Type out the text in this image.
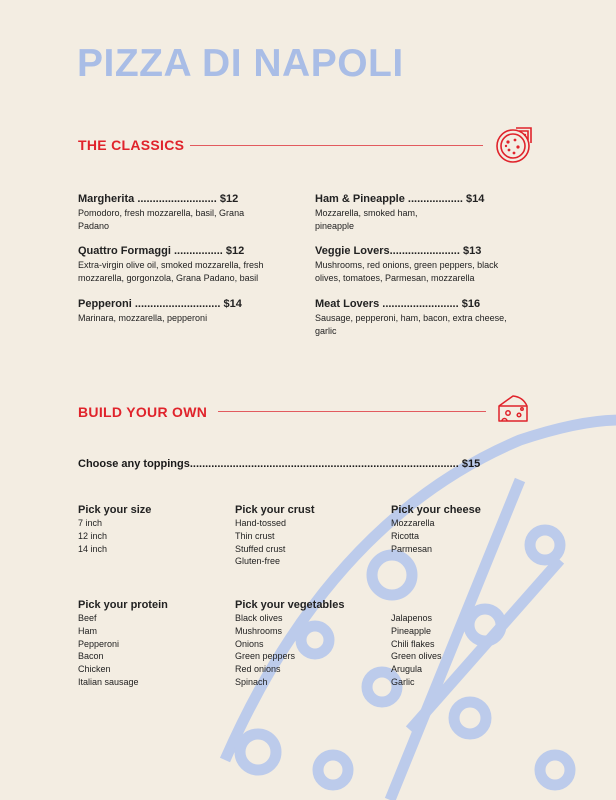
PIZZA DI NAPOLI
THE CLASSICS
Margherita .......................... $12
Pomodoro, fresh mozzarella, basil, Grana Padano
Quattro Formaggi ................ $12
Extra-virgin olive oil, smoked mozzarella, fresh mozzarella, gorgonzola, Grana Padano, basil
Pepperoni ............................ $14
Marinara, mozzarella, pepperoni
Ham & Pineapple .................. $14
Mozzarella, smoked ham, pineapple
Veggie Lovers....................... $13
Mushrooms, red onions, green peppers, black olives, tomatoes, Parmesan, mozzarella
Meat Lovers ......................... $16
Sausage, pepperoni, ham, bacon, extra cheese, garlic
BUILD YOUR OWN
Choose any toppings........................................................................................ $15
Pick your size
7 inch
12 inch
14 inch
Pick your crust
Hand-tossed
Thin crust
Stuffed crust
Gluten-free
Pick your cheese
Mozzarella
Ricotta
Parmesan
Pick your protein
Beef
Ham
Pepperoni
Bacon
Chicken
Italian sausage
Pick your vegetables
Black olives
Mushrooms
Onions
Green peppers
Red onions
Spinach
Jalapenos
Pineapple
Chili flakes
Green olives
Arugula
Garlic
